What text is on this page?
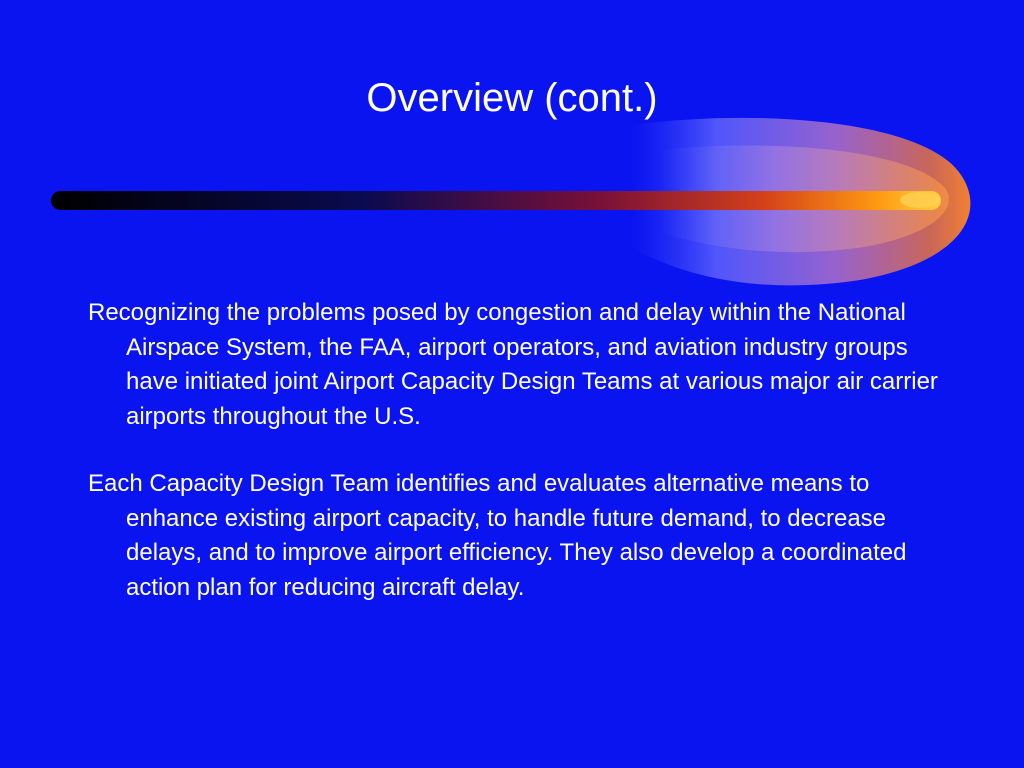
Overview (cont.)

Recognizing the problems posed by congestion and delay within the National Airspace System, the FAA, airport operators, and aviation industry groups have initiated joint Airport Capacity Design Teams at various major air carrier airports throughout the U.S.

Each Capacity Design Team identifies and evaluates alternative means to enhance existing airport capacity, to handle future demand, to decrease delays, and to improve airport efficiency. They also develop a coordinated action plan for reducing aircraft delay.
